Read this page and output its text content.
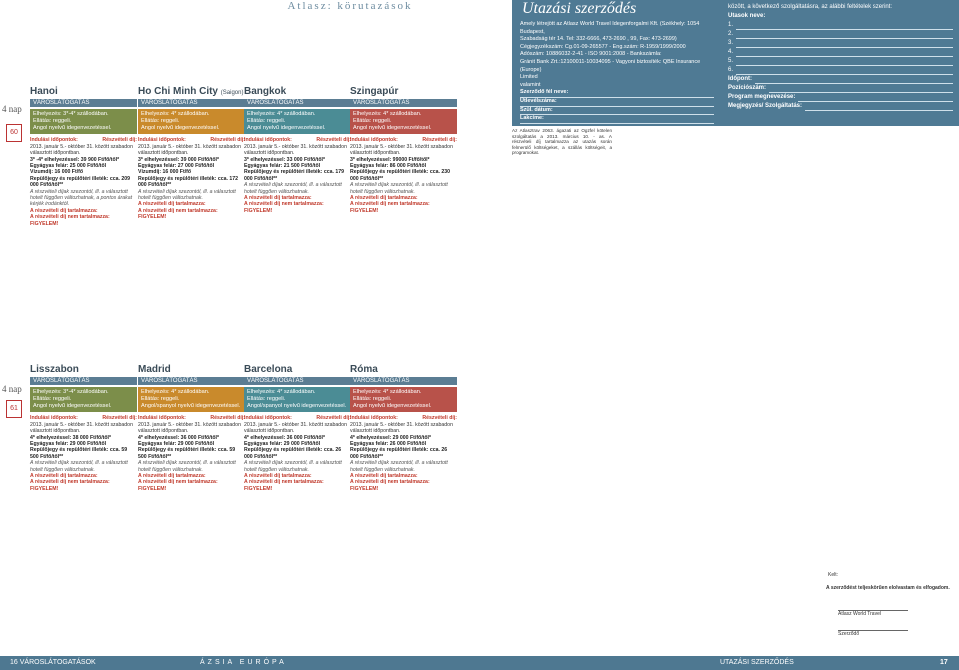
Atlasz: körutazások
4 nap
60
4 nap
61
Hanoi
VÁROSLÁTOGATÁS
Elhelyezés: 3*-4* szállodában.
Ellátás: reggeli.
Angol nyelvű idegenvezetéssel.
Indulási időpontok:	Részvételi díj:
2013. január 5.- október 31. között szabadon választott időpontban.
3* -4* elhelyezéssel: 39 900 Ft/fő/től*
Egyágyas felár: 25 000 Ft/fő/től
Vízumdíj: 16 000 Ft/fő
Repülőjegy és repülőtéri illeték: cca. 209 000 Ft/fő/től**
A részvételi díjak szezontól, ill. a választott hotelt függően változhatnak, a pontos árakat kérjék irodánktól.
A részvételi díj tartalmazza:
A részvételi díj nem tartalmazza:
FIGYELEM!
Ho Chi Minh City (Saigon)
VÁROSLÁTOGATÁS
Elhelyezés: 4* szállodában.
Ellátás: reggeli.
Angol nyelvű idegenvezetéssel.
Indulási időpontok:	Részvételi díj:
2013. január 5.- október 31. között szabadon választott időpontban.
3* elhelyezéssel: 39 000 Ft/fő/től*
Egyágyas felár: 27 000 Ft/fő/től
Vízumdíj: 16 000 Ft/fő
Repülőjegy és repülőtéri illeték: cca. 172 000 Ft/fő/től**
A részvételi díjak szezontól, ill. a választott hotelt függően változhatnak.
A részvételi díj tartalmazza:
A részvételi díj nem tartalmazza:
FIGYELEM!
Bangkok
VÁROSLÁTOGATÁS
Elhelyezés: 4* szállodában.
Ellátás: reggeli.
Angol nyelvű idegenvezetéssel.
Indulási időpontok:	Részvételi díj:
2013. január 5.- október 31. között szabadon választott időpontban.
3* elhelyezéssel: 33 000 Ft/fő/től*
Egyágyas felár: 21 500 Ft/fő/től
Repülőjegy és repülőtéri illeték: cca. 179 000 Ft/fő/től**
A részvételi díjak szezontól, ill. a választott hotelt függően változhatnak.
A részvételi díj tartalmazza:
A részvételi díj nem tartalmazza:
FIGYELEM!
Szingapúr
VÁROSLÁTOGATÁS
Elhelyezés: 4* szállodában.
Ellátás: reggeli.
Angol nyelvű idegenvezetéssel.
Indulási időpontok:	Részvételi díj:
2013. január 5.- október 31. között szabadon választott időpontban.
3* elhelyezéssel: 99000 Ft/fő/től*
Egyágyas felár: 86 000 Ft/fő/től
Repülőjegy és repülőtéri illeték: cca. 230 000 Ft/fő/től**
A részvételi díjak szezontól, ill. a választott hotelt függően változhatnak.
A részvételi díj tartalmazza:
A részvételi díj nem tartalmazza:
FIGYELEM!
Lisszabon
VÁROSLÁTOGATÁS
Elhelyezés: 3*-4* szállodában.
Ellátás: reggeli.
Angol nyelvű idegenvezetéssel.
Indulási időpontok:	Részvételi díj:
2013. január 5.- október 31. között szabadon választott időpontban.
4* elhelyezéssel: 38 000 Ft/fő/től*
Egyágyas felár: 29 000 Ft/fő/től
Repülőjegy és repülőtéri illeték: cca. 59 500 Ft/fő/től**
A részvételi díjak szezontól, ill. a választott hotelt függően változhatnak.
A részvételi díj tartalmazza:
A részvételi díj nem tartalmazza:
FIGYELEM!
Madrid
VÁROSLÁTOGATÁS
Elhelyezés: 4* szállodában.
Ellátás: reggeli.
Angol/spanyol nyelvű idegenvezetéssel.
Indulási időpontok:	Részvételi díj:
2013. január 5.- október 31. között szabadon választott időpontban.
4* elhelyezéssel: 36 000 Ft/fő/től*
Egyágyas felár: 29 000 Ft/fő/től
Repülőjegy és repülőtéri illeték: cca. 59 500 Ft/fő/től**
A részvételi díjak szezontól, ill. a választott hotelt függően változhatnak.
A részvételi díj tartalmazza:
A részvételi díj nem tartalmazza:
FIGYELEM!
Barcelona
VÁROSLÁTOGATÁS
Elhelyezés: 4* szállodában.
Ellátás: reggeli.
Angol/spanyol nyelvű idegenvezetéssel.
Indulási időpontok:	Részvételi díj:
2013. január 5.- október 31. között szabadon választott időpontban.
4* elhelyezéssel: 36 000 Ft/fő/től*
Egyágyas felár: 29 000 Ft/fő/től
Repülőjegy és repülőtéri illeték: cca. 26 000 Ft/fő/től**
A részvételi díjak szezontól, ill. a választott hotelt függően változhatnak.
A részvételi díj tartalmazza:
A részvételi díj nem tartalmazza:
FIGYELEM!
Róma
VÁROSLÁTOGATÁS
Elhelyezés: 4* szállodában.
Ellátás: reggeli.
Angol nyelvű idegenvezetéssel.
Indulási időpontok:	Részvételi díj:
2013. január 5.- október 31. között szabadon választott időpontban.
4* elhelyezéssel: 29 000 Ft/fő/től*
Egyágyas felár: 26 000 Ft/fő/től
Repülőjegy és repülőtéri illeték: cca. 26 000 Ft/fő/től**
A részvételi díjak szezontól, ill. a választott hotelt függően változhatnak.
A részvételi díj tartalmazza:
A részvételi díj nem tartalmazza:
FIGYELEM!
Utazási szerződés
Amely létrejött az Atlasz World Travel Idegenforgalmi Kft. (Székhely: 1054 Budapest,
Szabadság tér 14. Tel: 332-6666, 473-2690 , 99, Fax: 473-2699)
Cégjegyzékszám: Cg.01-09-265577 - Eng.szám: R-1959/1999/2000
Adószám: 10886032-2-41 - ISO 9001:2008 - Bankszámla:
Gránit Bank Zrt.:12100011-10034095 - Vagyoni biztosíték: QBE Insurance (Europe)
Limited
valamint
Szerződő fél neve:
Útlevélszáma:
Szül. dátum:
Lakcíme:
között, a következő szolgáltatásra, az alábbi feltételek szerint:
Utasok neve:
1.
2.
3.
4.
5.
6.
Időpont:
Pozíciószám:
Program megnevezése:
Megjegyzés/ Szolgáltatás:
Az Atlasztrav 2063. ágazati az Ogzfel kötelen szolgáltatás a 2013. március 10. - as. A részvételi díj tartalmazza az utazás során felmerülő költségeket, a szállás költségeit, a programokat.
Kelt:
A szerződést teljeskörűen elolvastam és elfogadom.
Atlasz World Travel
Szerződő
16 VÁROSLÁTOGATÁSOK	ÁZSIA EURÓPA	UTAZÁSI SZERZŐDÉS	17
